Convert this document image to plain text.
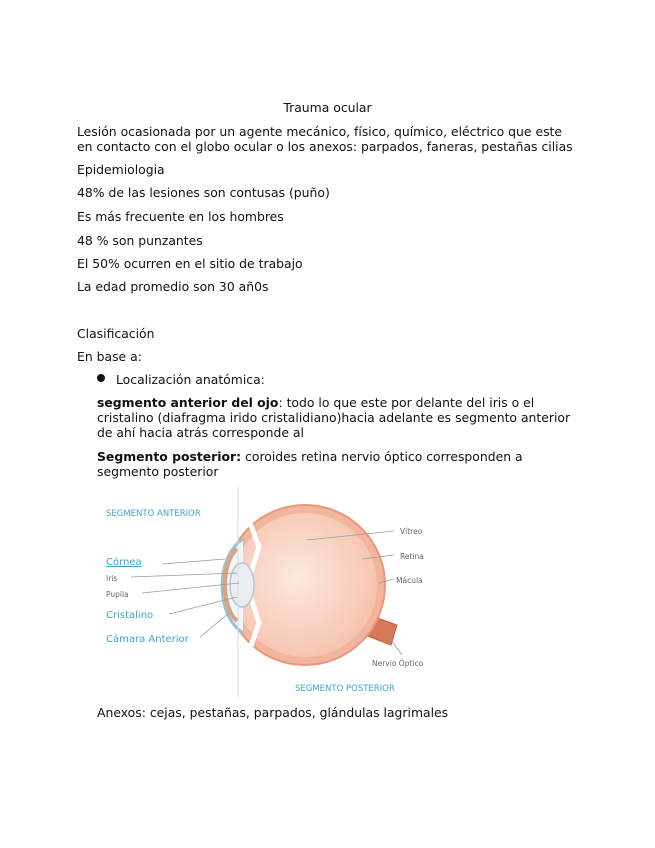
Trauma ocular
Lesión ocasionada por un agente mecánico, físico, químico, eléctrico que este en contacto con el globo ocular o los anexos: parpados, faneras, pestañas cilias
Epidemiologia
48% de las lesiones son contusas (puño)
Es más frecuente en los hombres
48 % son punzantes
El 50% ocurren en el sitio de trabajo
La edad promedio son 30 añ0s
Clasificación
En base a:
Localización anatómica:
segmento anterior del ojo: todo lo que este por delante del iris o el cristalino (diafragma irido cristalidiano)hacia adelante es segmento anterior de ahí hacia atrás corresponde al
Segmento posterior: coroides retina nervio óptico corresponden a segmento posterior
SEGMENTO ANTERIOR
Córnea
Iris
Pupila
Cristalino
Cámara Anterior
Vítreo
Retina
Mácula
Nervio Óptico
SEGMENTO POSTERIOR
Anexos: cejas, pestañas, parpados, glándulas lagrimales
